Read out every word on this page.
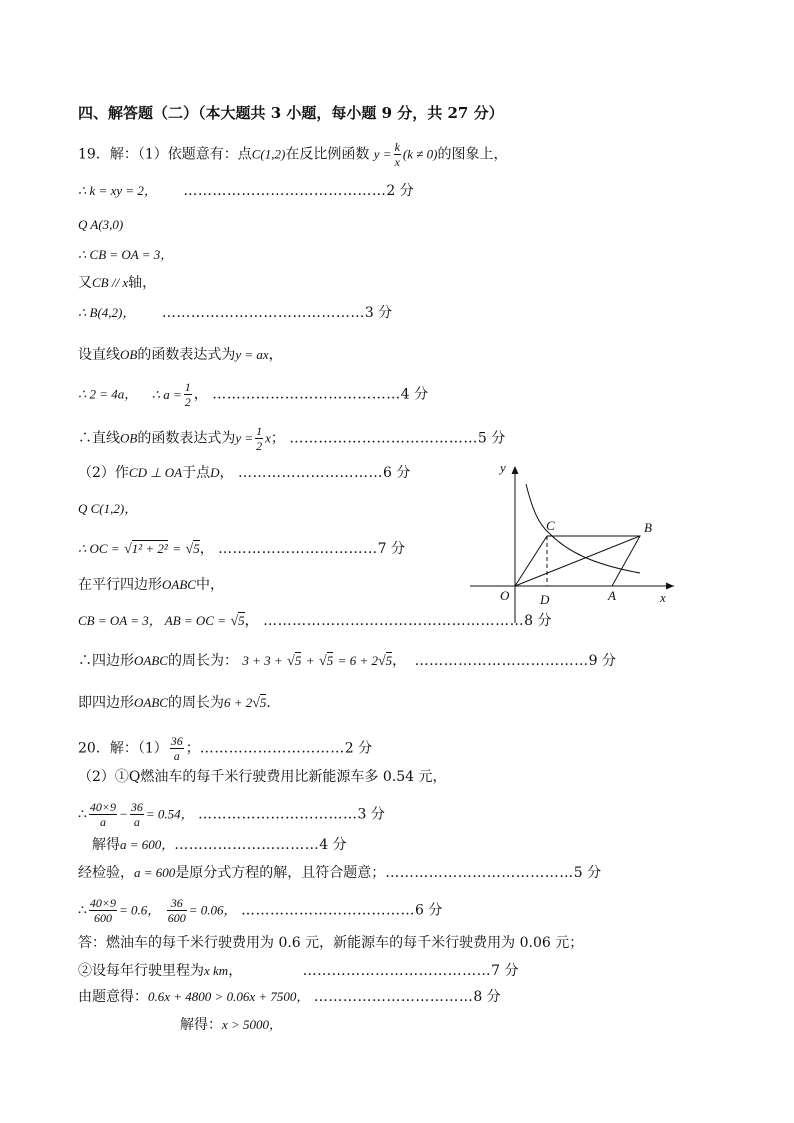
四、解答题（二）（本大题共 3 小题，每小题 9 分，共 27 分）
19．解：（1）依题意有：点C(1,2)在反比例函数 $y = \frac{k}{x} (k \ne 0)$的图象上，
∴ k = xy = 2， ……………………………………2 分
Q A(3,0)
∴ CB = OA = 3，
又CB // x轴，
∴ B(4,2)， ……………………………………3 分
设直线OB的函数表达式为y = ax，
∴ 2 = 4a， ∴ $a = \frac{1}{2}$ ， …………………………………4 分
∴直线OB的函数表达式为$y = \frac{1}{2}$ x； …………………………………5 分
（2）作CD ⊥ OA于点D， …………………………6 分
Q C(1,2)，
∴ OC = √1² + 2² = √5， ……………………………7 分
在平行四边形OABC中，
CB = OA = 3， AB = OC = √5， ………………………………………………8 分
∴四边形OABC的周长为： 3 + 3 + √5 + √5 = 6 + 2√5， ………………………………9 分
即四边形OABC的周长为6 + 2√5．
20．解：$(1) \frac{36}{a}$ ；…………………………2 分
（2）①Q燃油车的每千米行驶费用比新能源车多 0.54 元，
∴ $\frac{40\times 9}{a} - \frac{36}{a} = 0.54$， ……………………………3 分
解得a = 600，…………………………4 分
经检验，a = 600是原分式方程的解，且符合题意；…………………………………5 分
∴ $\frac{40\times 9}{600} = 0.6$， $\frac{36}{600} = 0.06$， ………………………………6 分
答：燃油车的每千米行驶费用为 0.6 元，新能源车的每千米行驶费用为 0.06 元；
②设每年行驶里程为x km，	…………………………………7 分
由题意得：0.6x + 4800 > 0.06x + 7500， ……………………………8 分
解得：x > 5000，
y
x
O
C	B
D	A
